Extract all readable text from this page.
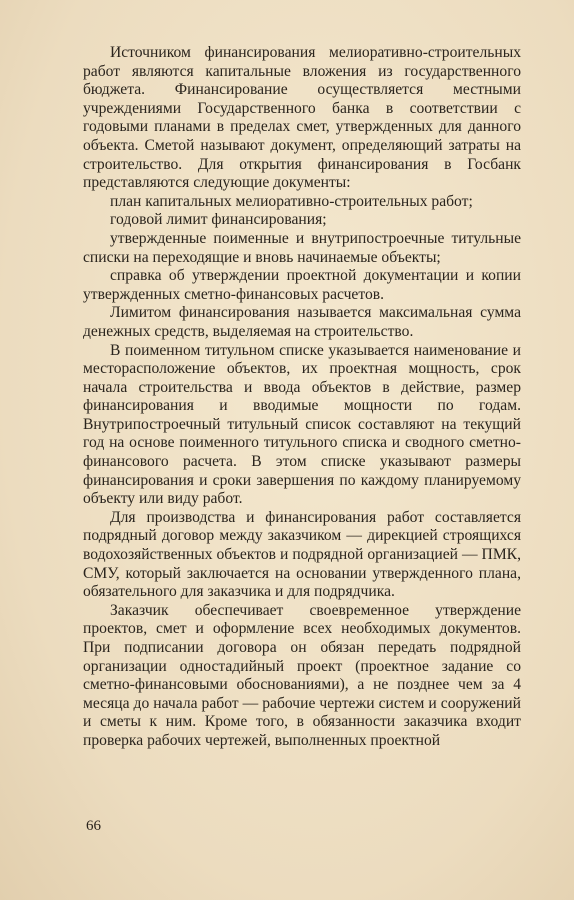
Источником финансирования мелиоративно-строительных работ являются капитальные вложения из государственного бюджета. Финансирование осуществляется местными учреждениями Государственного банка в соответствии с годовыми планами в пределах смет, утвержденных для данного объекта. Сметой называют документ, определяющий затраты на строительство. Для открытия финансирования в Госбанк представляются следующие документы:

план капитальных мелиоративно-строительных работ;

годовой лимит финансирования;

утвержденные поименные и внутрипостроечные титульные списки на переходящие и вновь начинаемые объекты;

справка об утверждении проектной документации и копии утвержденных сметно-финансовых расчетов.

Лимитом финансирования называется максимальная сумма денежных средств, выделяемая на строительство.

В поименном титульном списке указывается наименование и месторасположение объектов, их проектная мощность, срок начала строительства и ввода объектов в действие, размер финансирования и вводимые мощности по годам. Внутрипостроечный титульный список составляют на текущий год на основе поименного титульного списка и сводного сметно-финансового расчета. В этом списке указывают размеры финансирования и сроки завершения по каждому планируемому объекту или виду работ.

Для производства и финансирования работ составляется подрядный договор между заказчиком — дирекцией строящихся водохозяйственных объектов и подрядной организацией — ПМК, СМУ, который заключается на основании утвержденного плана, обязательного для заказчика и для подрядчика.

Заказчик обеспечивает своевременное утверждение проектов, смет и оформление всех необходимых документов. При подписании договора он обязан передать подрядной организации одностадийный проект (проектное задание со сметно-финансовыми обоснованиями), а не позднее чем за 4 месяца до начала работ — рабочие чертежи систем и сооружений и сметы к ним. Кроме того, в обязанности заказчика входит проверка рабочих чертежей, выполненных проектной

66
